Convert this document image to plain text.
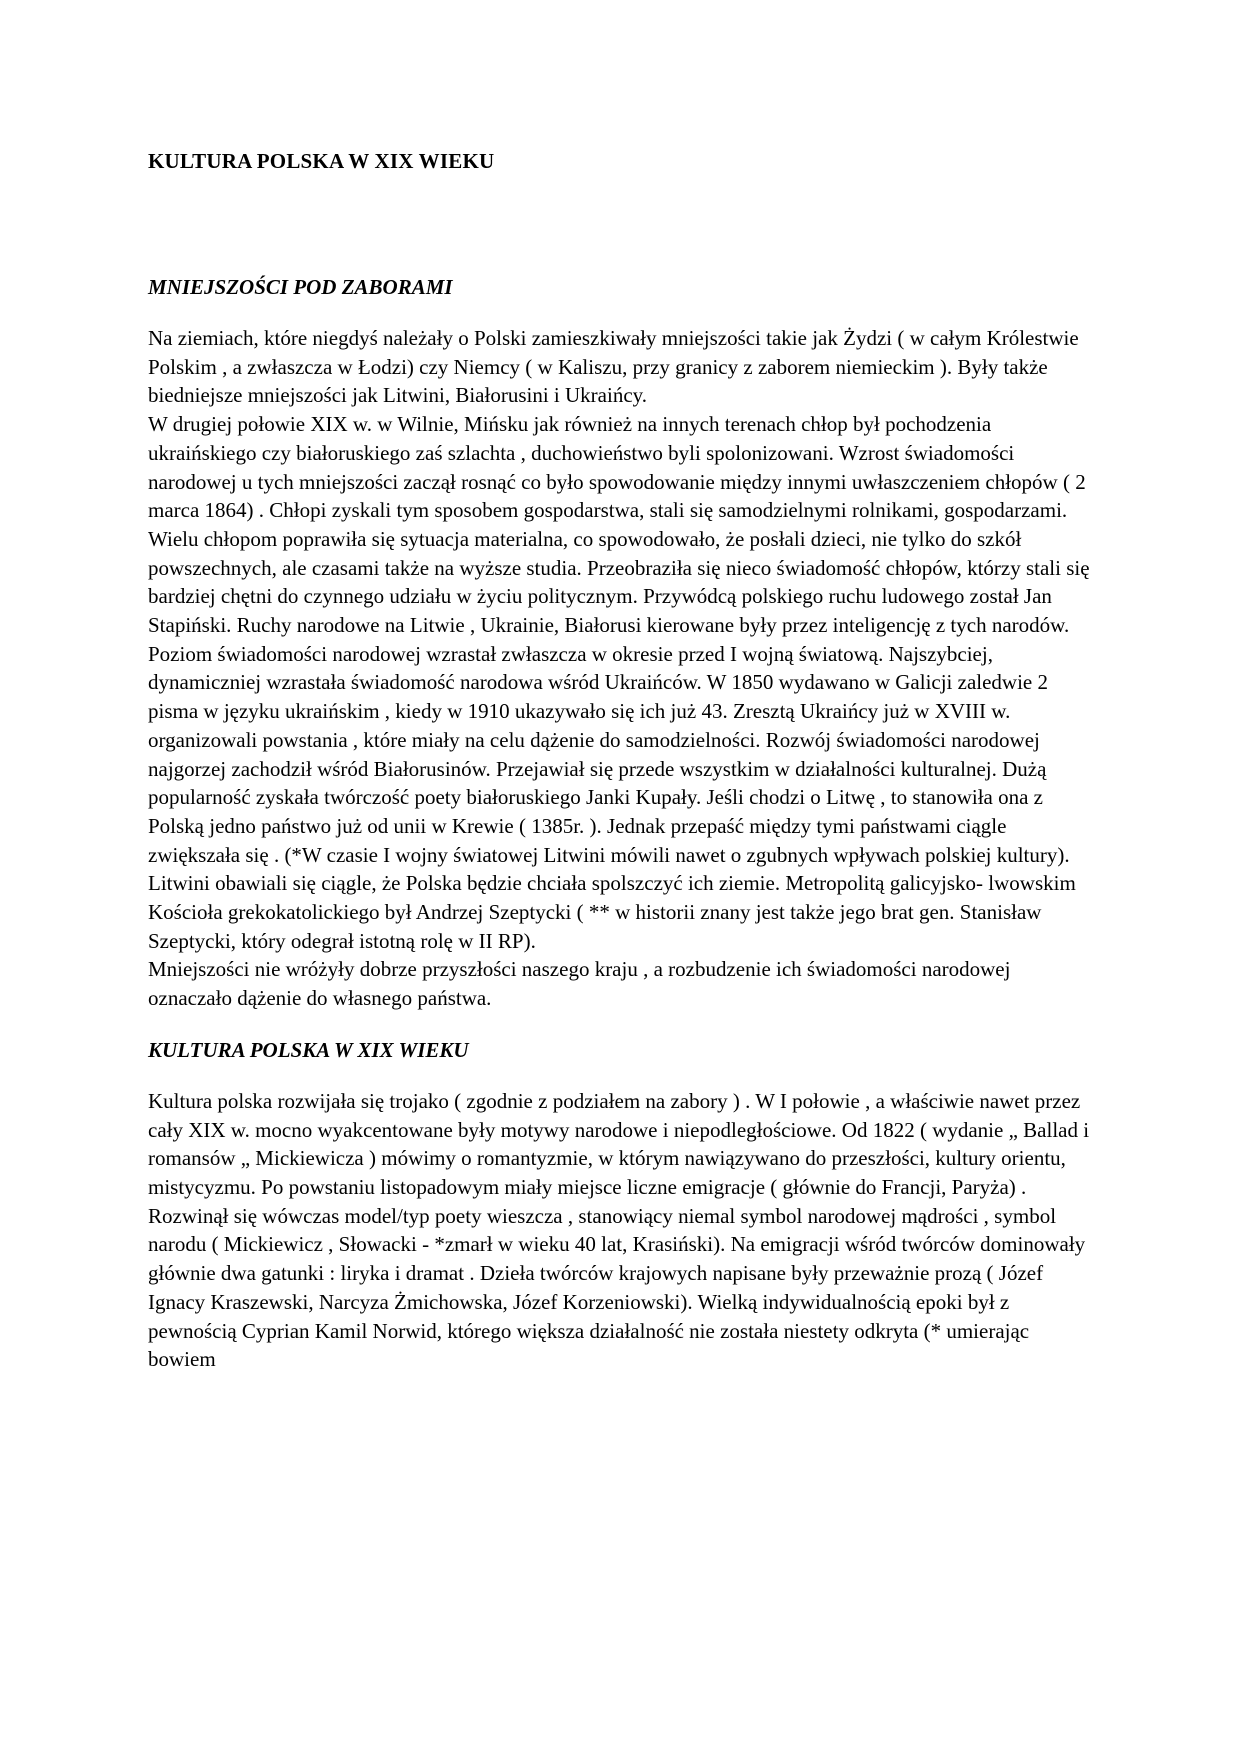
KULTURA POLSKA W XIX WIEKU
MNIEJSZOŚCI POD ZABORAMI

Na ziemiach, które niegdyś należały o Polski zamieszkiwały mniejszości takie jak Żydzi ( w całym Królestwie Polskim , a zwłaszcza w Łodzi) czy Niemcy ( w Kaliszu, przy granicy z zaborem niemieckim ). Były także biedniejsze mniejszości jak Litwini, Białorusini i Ukraińcy.

W drugiej połowie XIX w. w Wilnie, Mińsku jak również na innych terenach chłop był pochodzenia ukraińskiego czy białoruskiego zaś szlachta , duchowieństwo byli spolonizowani. Wzrost świadomości narodowej u tych mniejszości zaczął rosnąć co było spowodowanie między innymi uwłaszczeniem chłopów ( 2 marca 1864) . Chłopi zyskali tym sposobem gospodarstwa, stali się samodzielnymi rolnikami, gospodarzami. Wielu chłopom poprawiła się sytuacja materialna, co spowodowało, że posłali dzieci, nie tylko do szkół powszechnych, ale czasami także na wyższe studia. Przeobraziła się nieco świadomość chłopów, którzy stali się bardziej chętni do czynnego udziału w życiu politycznym. Przywódcą polskiego ruchu ludowego został Jan Stapiński. Ruchy narodowe na Litwie , Ukrainie, Białorusi kierowane były przez inteligencję z tych narodów. Poziom świadomości narodowej wzrastał zwłaszcza w okresie przed I wojną światową. Najszybciej, dynamiczniej wzrastała świadomość narodowa wśród Ukraińców. W 1850 wydawano w Galicji zaledwie 2 pisma w języku ukraińskim , kiedy w 1910 ukazywało się ich już 43. Zresztą Ukraińcy już w XVIII w. organizowali powstania , które miały na celu dążenie do samodzielności. Rozwój świadomości narodowej najgorzej zachodził wśród Białorusinów. Przejawiał się przede wszystkim w działalności kulturalnej. Dużą popularność zyskała twórczość poety białoruskiego Janki Kupały. Jeśli chodzi o Litwę , to stanowiła ona z Polską jedno państwo już od unii w Krewie ( 1385r. ). Jednak przepaść między tymi państwami ciągle zwiększała się . (*W czasie I wojny światowej Litwini mówili nawet o zgubnych wpływach polskiej kultury). Litwini obawiali się ciągle, że Polska będzie chciała spolszczyć ich ziemie. Metropolitą galicyjsko- lwowskim Kościoła grekokatolickiego był Andrzej Szeptycki ( ** w historii znany jest także jego brat gen. Stanisław Szeptycki, który odegrał istotną rolę w II RP).

Mniejszości nie wróżyły dobrze przyszłości naszego kraju , a rozbudzenie ich świadomości narodowej oznaczało dążenie do własnego państwa.

KULTURA POLSKA W XIX WIEKU

Kultura polska rozwijała się trojako ( zgodnie z podziałem na zabory ) . W I połowie , a właściwie nawet przez cały XIX w. mocno wyakcentowane były motywy narodowe i niepodległościowe. Od 1822 ( wydanie „ Ballad i romansów „ Mickiewicza ) mówimy o romantyzmie, w którym nawiązywano do przeszłości, kultury orientu, mistycyzmu. Po powstaniu listopadowym miały miejsce liczne emigracje ( głównie do Francji, Paryża) . Rozwinął się wówczas model/typ poety wieszcza , stanowiący niemal symbol narodowej mądrości , symbol narodu ( Mickiewicz , Słowacki - *zmarł w wieku 40 lat, Krasiński). Na emigracji wśród twórców dominowały głównie dwa gatunki : liryka i dramat . Dzieła twórców krajowych napisane były przeważnie prozą ( Józef Ignacy Kraszewski, Narcyza Żmichowska, Józef Korzeniowski). Wielką indywidualnością epoki był z pewnością Cyprian Kamil Norwid, którego większa działalność nie została niestety odkryta (* umierając bowiem
